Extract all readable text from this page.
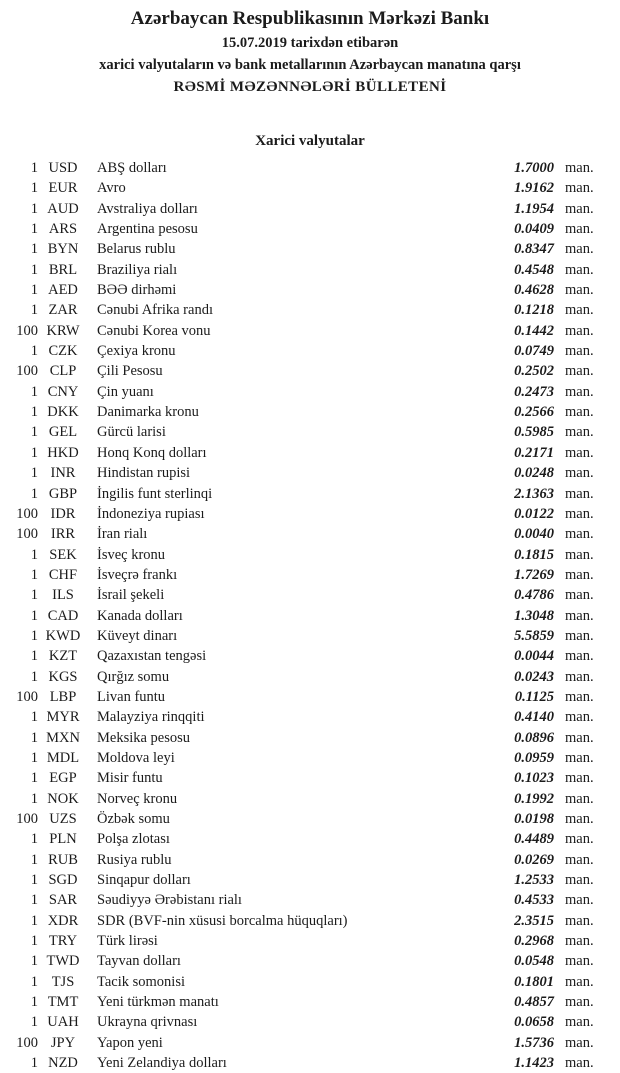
Azərbaycan Respublikasının Mərkəzi Bankı

15.07.2019 tarixdən etibarən

xarici valyutaların və bank metallarının Azərbaycan manatına qarşı

RƏSMİ MƏZƏNNƏLƏRİ BÜLLETENİ

Xarici valyutalar
1 USD	ABŞ dolları	1.7000 man.
1 EUR	Avro	1.9162 man.
1 AUD	Avstraliya dolları	1.1954 man.
1 ARS	Argentina pesosu	0.0409 man.
1 BYN	Belarus rublu	0.8347 man.
1 BRL	Braziliya rialı	0.4548 man.
1 AED	BƏƏ dirhəmi	0.4628 man.
1 ZAR	Cənubi Afrika randı	0.1218 man.
100 KRW	Cənubi Korea vonu	0.1442 man.
1 CZK	Çexiya kronu	0.0749 man.
100 CLP	Çili Pesosu	0.2502 man.
1 CNY	Çin yuanı	0.2473 man.
1 DKK	Danimarka kronu	0.2566 man.
1 GEL	Gürcü larisi	0.5985 man.
1 HKD	Honq Konq dolları	0.2171 man.
1 INR	Hindistan rupisi	0.0248 man.
1 GBP	İngilis funt sterlinqi	2.1363 man.
100 IDR	İndoneziya rupiası	0.0122 man.
100 IRR	İran rialı	0.0040 man.
1 SEK	İsveç kronu	0.1815 man.
1 CHF	İsveçrə frankı	1.7269 man.
1 ILS	İsrail şekeli	0.4786 man.
1 CAD	Kanada dolları	1.3048 man.
1 KWD	Küveyt dinarı	5.5859 man.
1 KZT	Qazaxıstan tengəsi	0.0044 man.
1 KGS	Qırğız somu	0.0243 man.
100 LBP	Livan funtu	0.1125 man.
1 MYR	Malayziya rinqqiti	0.4140 man.
1 MXN	Meksika pesosu	0.0896 man.
1 MDL	Moldova leyi	0.0959 man.
1 EGP	Misir funtu	0.1023 man.
1 NOK	Norveç kronu	0.1992 man.
100 UZS	Özbək somu	0.0198 man.
1 PLN	Polşa zlotası	0.4489 man.
1 RUB	Rusiya rublu	0.0269 man.
1 SGD	Sinqapur dolları	1.2533 man.
1 SAR	Səudiyyə Ərəbistanı rialı	0.4533 man.
1 XDR	SDR (BVF-nin xüsusi borcalma hüquqları)	2.3515 man.
1 TRY	Türk lirəsi	0.2968 man.
1 TWD	Tayvan dolları	0.0548 man.
1 TJS	Tacik somonisi	0.1801 man.
1 TMT	Yeni türkmən manatı	0.4857 man.
1 UAH	Ukrayna qrivnası	0.0658 man.
100 JPY	Yapon yeni	1.5736 man.
1 NZD	Yeni Zelandiya dolları	1.1423 man.
